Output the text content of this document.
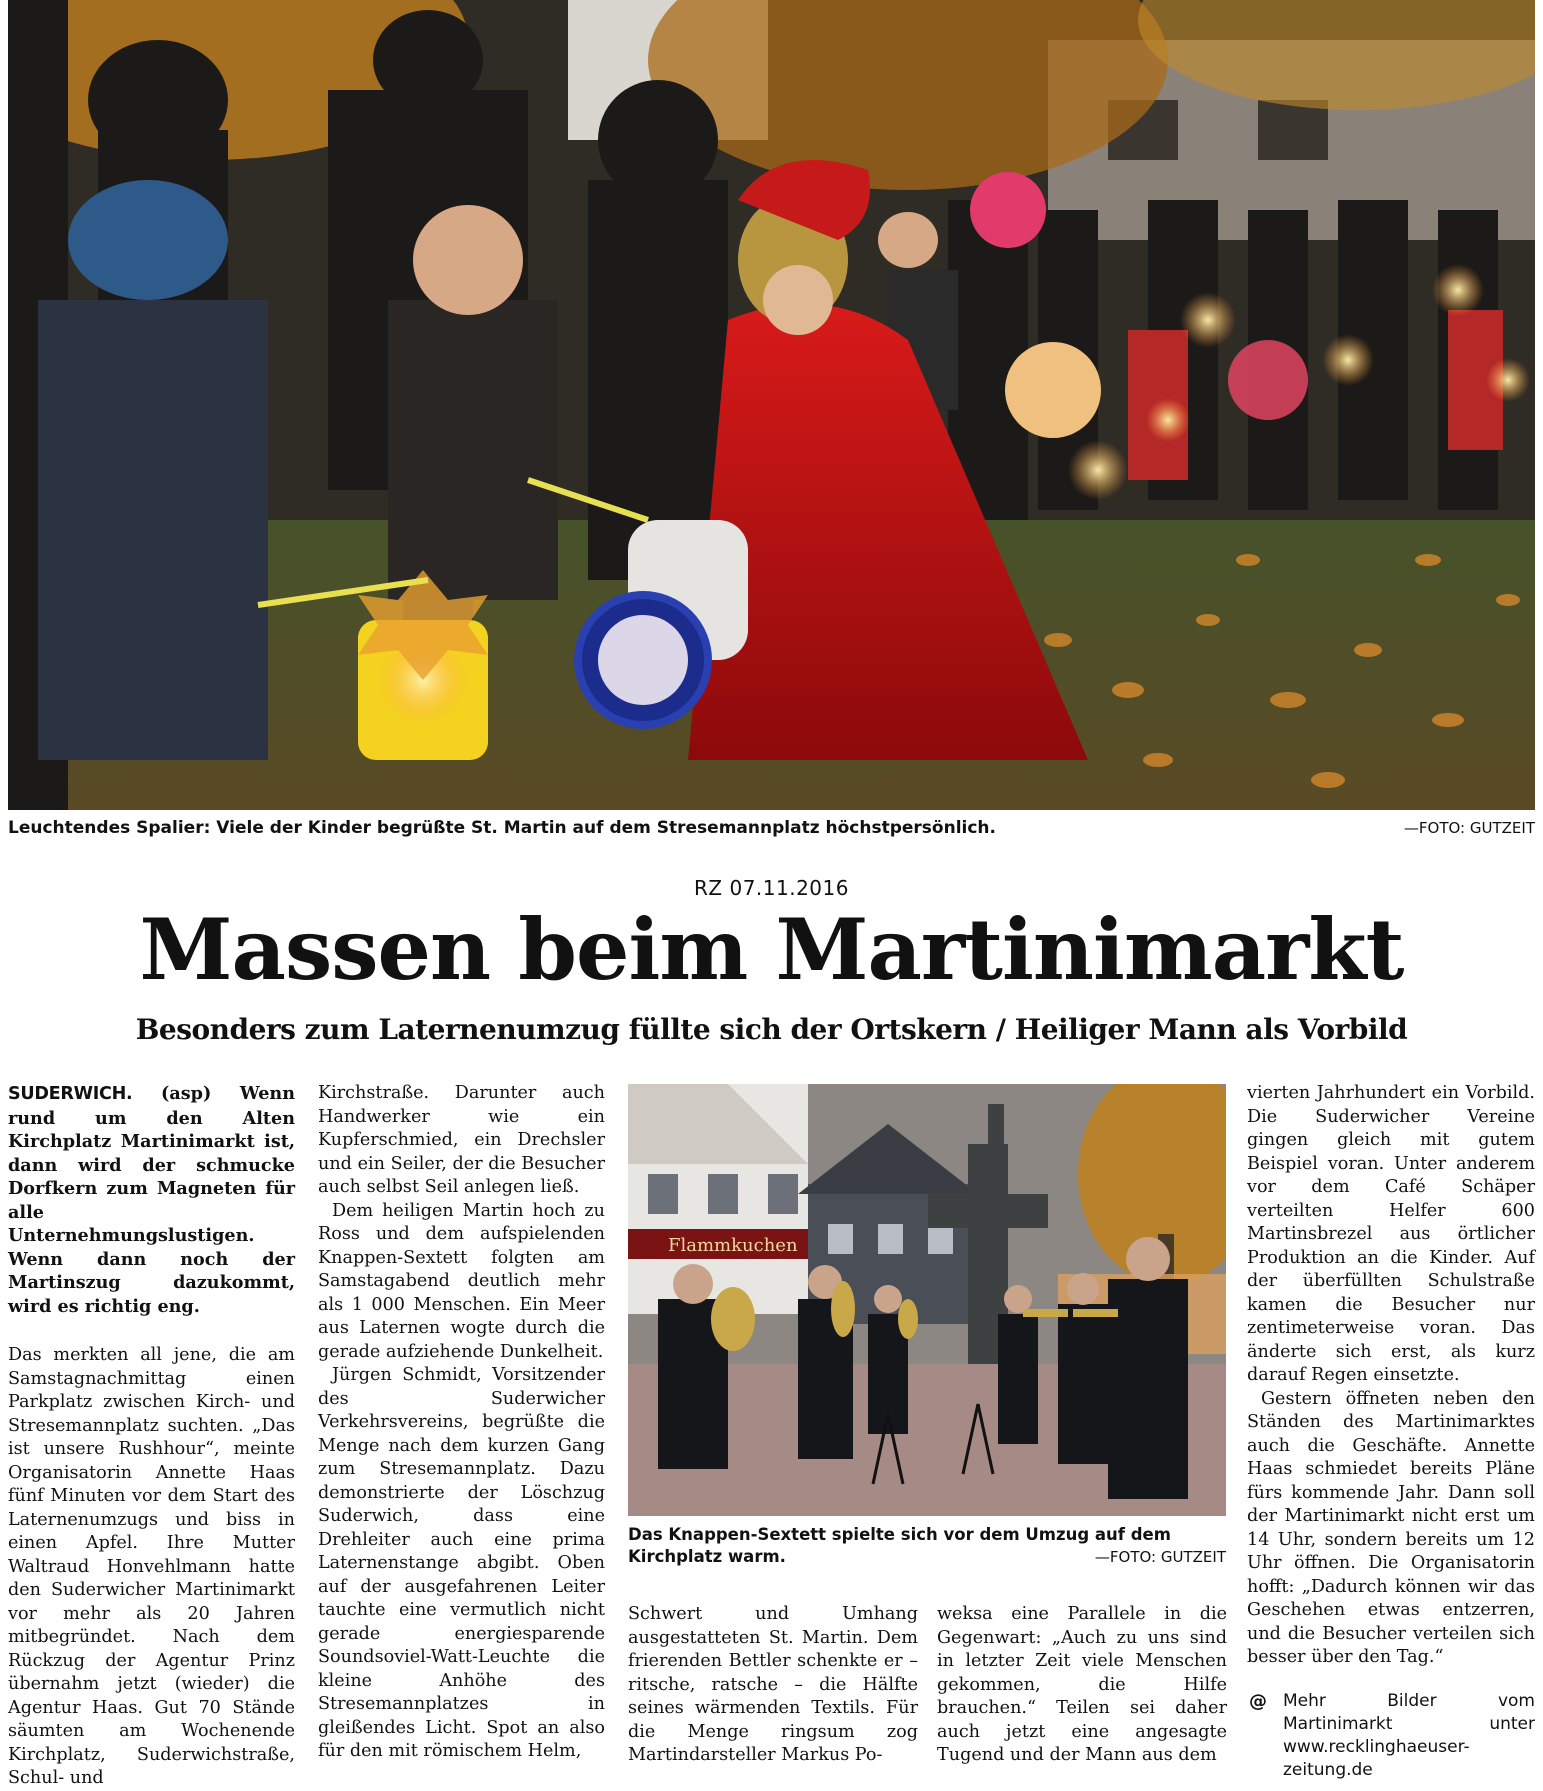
Leuchtendes Spalier: Viele der Kinder begrüßte St. Martin auf dem Stresemannplatz höchstpersönlich.	—FOTO: GUTZEIT
RZ 07.11.2016
Massen beim Martinimarkt
Besonders zum Laternenumzug füllte sich der Ortskern / Heiliger Mann als Vorbild

SUDERWICH. (asp) Wenn rund um den Alten Kirchplatz Martinimarkt ist, dann wird der schmucke Dorfkern zum Magneten für alle Unternehmungslustigen. Wenn dann noch der Martinszug dazukommt, wird es richtig eng.

Das merkten all jene, die am Samstagnachmittag einen Parkplatz zwischen Kirch- und Stresemannplatz suchten. „Das ist unsere Rushhour“, meinte Organisatorin Annette Haas fünf Minuten vor dem Start des Laternenumzugs und biss in einen Apfel. Ihre Mutter Waltraud Honvehlmann hatte den Suderwicher Martinimarkt vor mehr als 20 Jahren mitbegründet. Nach dem Rückzug der Agentur Prinz übernahm jetzt (wieder) die Agentur Haas. Gut 70 Stände säumten am Wochenende Kirchplatz, Suderwichstraße, Schul- und

Kirchstraße. Darunter auch Handwerker wie ein Kupferschmied, ein Drechsler und ein Seiler, der die Besucher auch selbst Seil anlegen ließ.

Dem heiligen Martin hoch zu Ross und dem aufspielenden Knappen-Sextett folgten am Samstagabend deutlich mehr als 1 000 Menschen. Ein Meer aus Laternen wogte durch die gerade aufziehende Dunkelheit.

Jürgen Schmidt, Vorsitzender des Suderwicher Verkehrsvereins, begrüßte die Menge nach dem kurzen Gang zum Stresemannplatz. Dazu demonstrierte der Löschzug Suderwich, dass eine Drehleiter auch eine prima Laternenstange abgibt. Oben auf der ausgefahrenen Leiter tauchte eine vermutlich nicht gerade energiesparende Soundsoviel-Watt-Leuchte die kleine Anhöhe des Stresemannplatzes in gleißendes Licht. Spot an also für den mit römischem Helm,

Flammkuchen
Das Knappen-Sextett spielte sich vor dem Umzug auf dem Kirchplatz warm.	—FOTO: GUTZEIT

Schwert und Umhang ausgestatteten St. Martin. Dem frierenden Bettler schenkte er – ritsche, ratsche – die Hälfte seines wärmenden Textils. Für die Menge ringsum zog Martindarsteller Markus Po-

weksa eine Parallele in die Gegenwart: „Auch zu uns sind in letzter Zeit viele Menschen gekommen, die Hilfe brauchen.“ Teilen sei daher auch jetzt eine angesagte Tugend und der Mann aus dem

vierten Jahrhundert ein Vorbild. Die Suderwicher Vereine gingen gleich mit gutem Beispiel voran. Unter anderem vor dem Café Schäper verteilten Helfer 600 Martinsbrezel aus örtlicher Produktion an die Kinder. Auf der überfüllten Schulstraße kamen die Besucher nur zentimeterweise voran. Das änderte sich erst, als kurz darauf Regen einsetzte.

Gestern öffneten neben den Ständen des Martinimarktes auch die Geschäfte. Annette Haas schmiedet bereits Pläne fürs kommende Jahr. Dann soll der Martinimarkt nicht erst um 14 Uhr, sondern bereits um 12 Uhr öffnen. Die Organisatorin hofft: „Dadurch können wir das Geschehen etwas entzerren, und die Besucher verteilen sich besser über den Tag.“

@ Mehr Bilder vom Martinimarkt unter www.recklinghaeuser-zeitung.de
